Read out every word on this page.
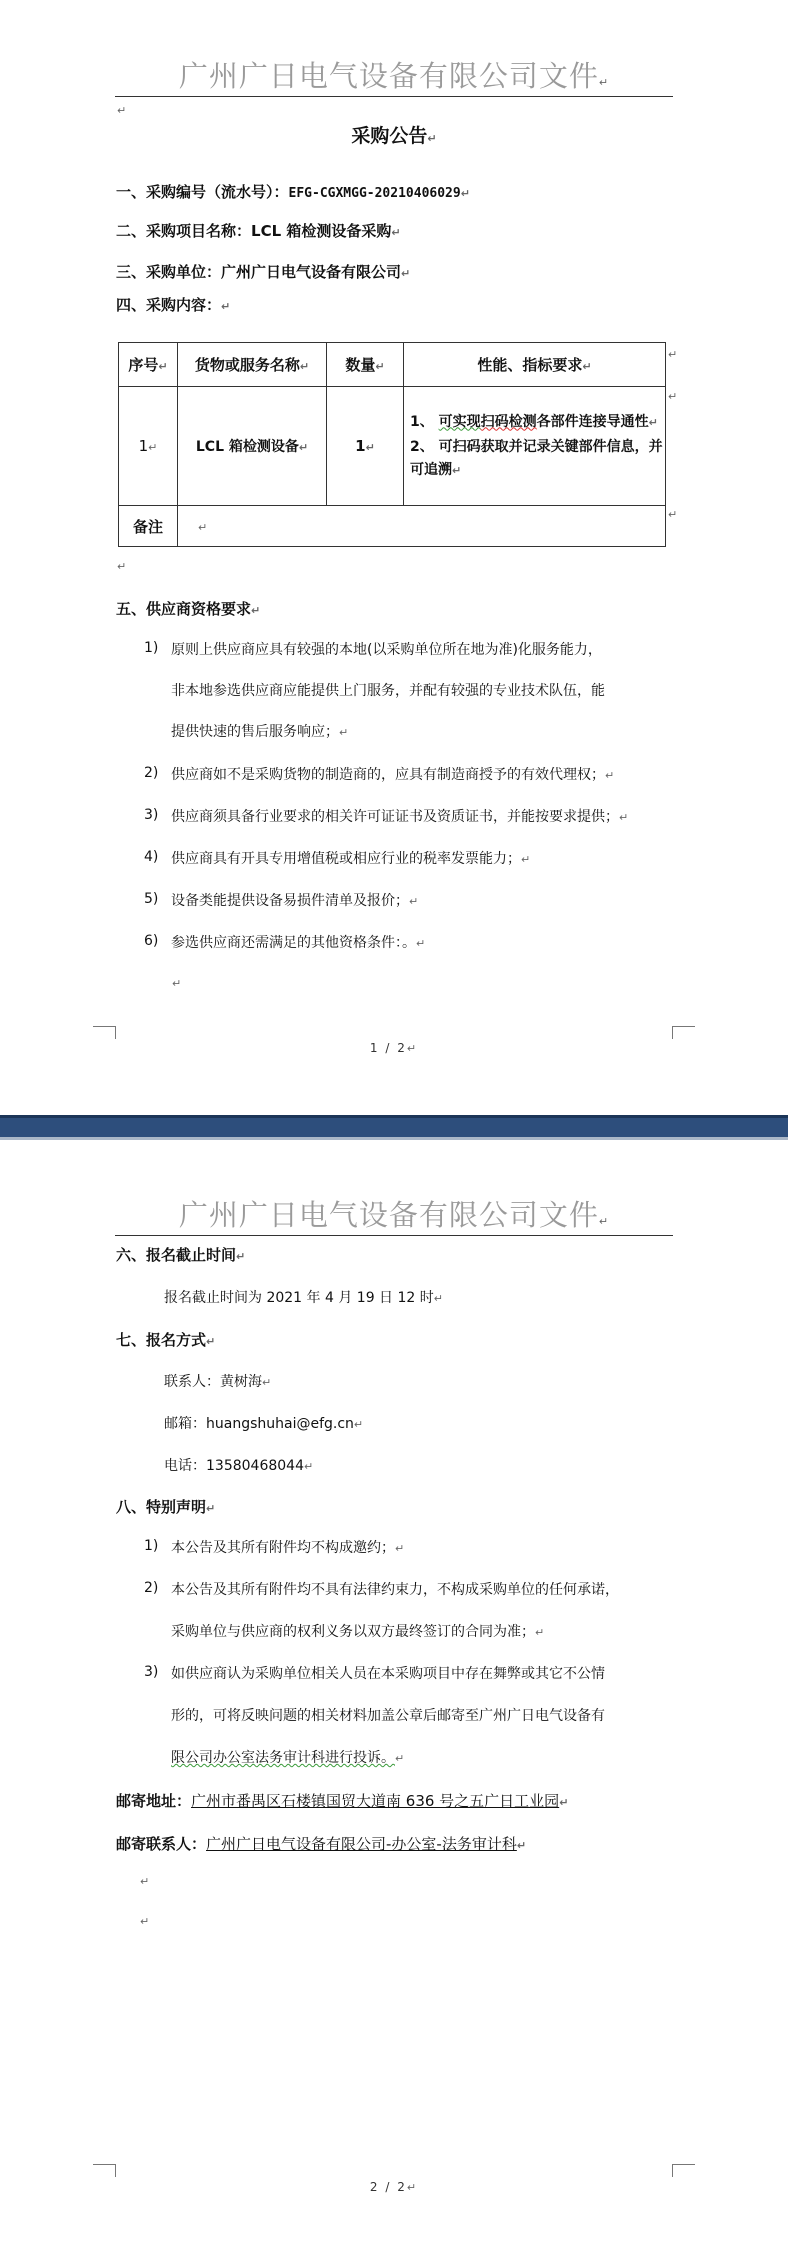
广州广日电气设备有限公司文件↵
↵
采购公告↵
一、采购编号（流水号）：EFG-CGXMGG-20210406029↵
二、采购项目名称：LCL 箱检测设备采购↵
三、采购单位：广州广日电气设备有限公司↵
四、采购内容：↵
序号↵	货物或服务名称↵	数量↵	性能、指标要求↵
1↵	LCL 箱检测设备↵	1↵	1、 可实现扫码检测各部件连接导通性↵
2、 可扫码获取并记录关键部件信息，并可追溯↵

备注	↵		
↵
↵
↵
↵
五、供应商资格要求↵
1) 原则上供应商应具有较强的本地(以采购单位所在地为准)化服务能力，
非本地参选供应商应能提供上门服务，并配有较强的专业技术队伍，能
提供快速的售后服务响应；↵
2) 供应商如不是采购货物的制造商的，应具有制造商授予的有效代理权；↵
3) 供应商须具备行业要求的相关许可证证书及资质证书，并能按要求提供；↵
4) 供应商具有开具专用增值税或相应行业的税率发票能力；↵
5) 设备类能提供设备易损件清单及报价；↵
6) 参选供应商还需满足的其他资格条件：。↵
↵
1 / 2↵
广州广日电气设备有限公司文件↵
六、报名截止时间↵
报名截止时间为 2021 年 4 月 19 日 12 时↵
七、报名方式↵
联系人：黄树海↵
邮箱：huangshuhai@efg.cn↵
电话：13580468044↵
八、特别声明↵
1) 本公告及其所有附件均不构成邀约；↵
2) 本公告及其所有附件均不具有法律约束力，不构成采购单位的任何承诺，
采购单位与供应商的权利义务以双方最终签订的合同为准；↵
3) 如供应商认为采购单位相关人员在本采购项目中存在舞弊或其它不公情
形的，可将反映问题的相关材料加盖公章后邮寄至广州广日电气设备有
限公司办公室法务审计科进行投诉。↵
邮寄地址：广州市番禺区石楼镇国贸大道南 636 号之五广日工业园↵
邮寄联系人：广州广日电气设备有限公司-办公室-法务审计科↵
↵
↵
2 / 2↵
